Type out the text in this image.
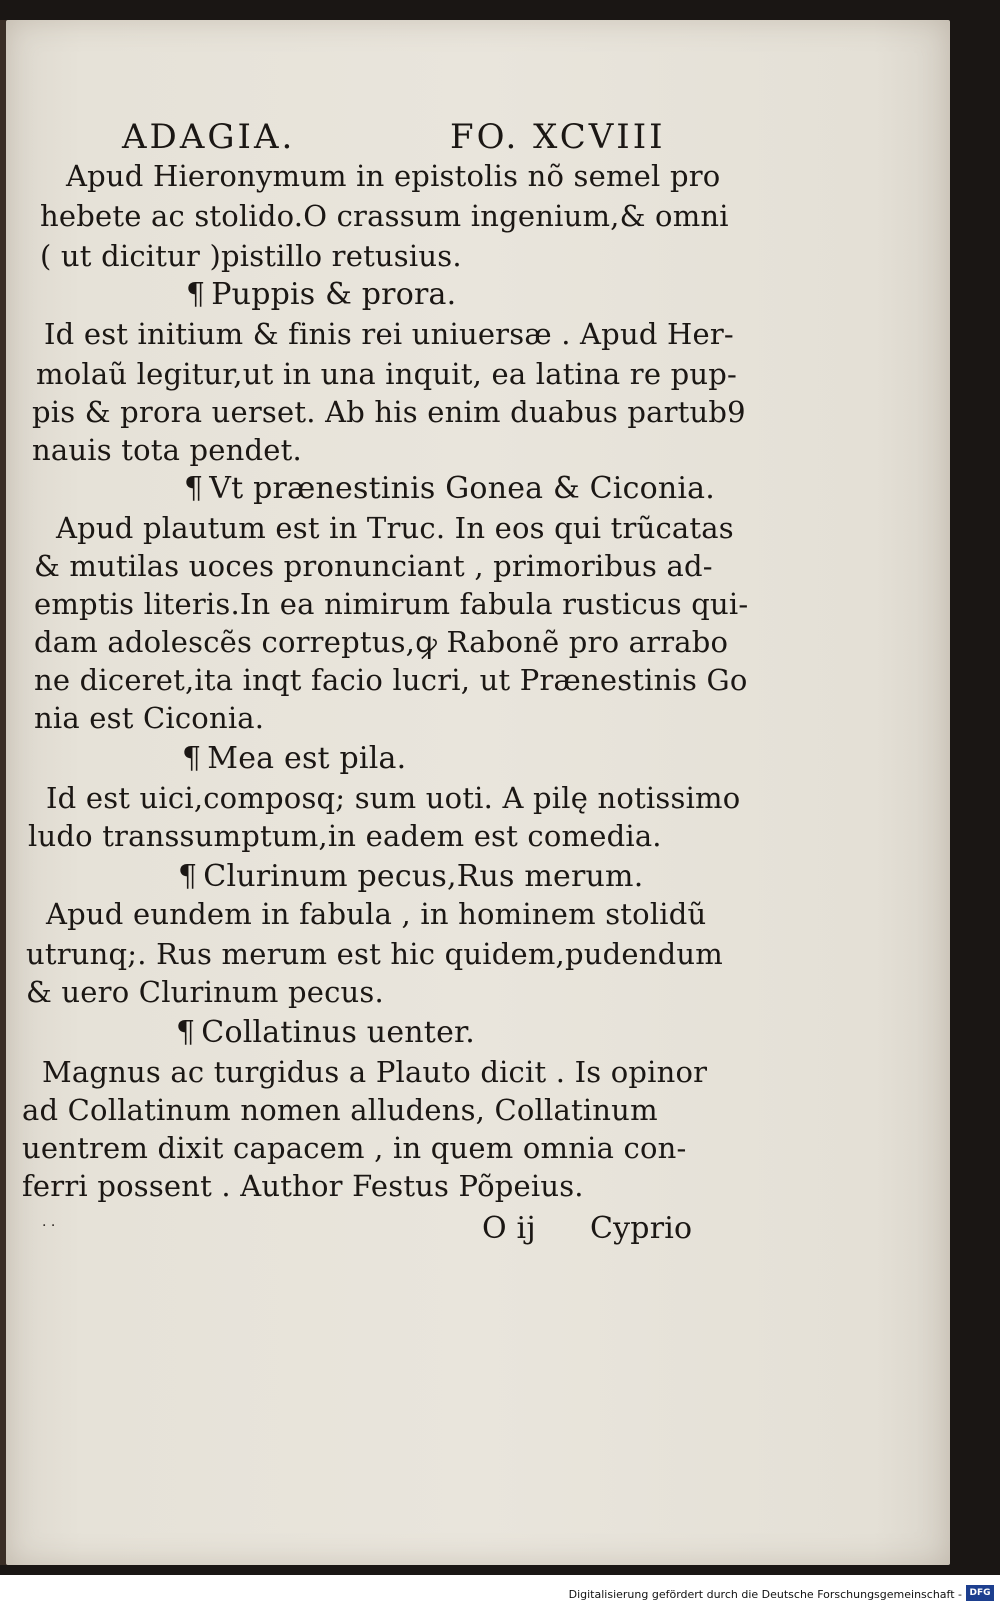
ADAGIA.	FO. XCVIII
Apud Hieronymum in epistolis nõ semel pro
hebete ac stolido.O crassum ingenium,& omni
( ut dicitur )pistillo retusius.
¶ Puppis & prora.
Id est initium & finis rei uniuersæ . Apud Her-
molaũ legitur,ut in una inquit, ea latina re pup-
pis & prora uerset. Ab his enim duabus partub9
nauis tota pendet.
¶ Vt prænestinis Gonea & Ciconia.
Apud plautum est in Truc. In eos qui trũcatas
& mutilas uoces pronunciant , primoribus ad-
emptis literis.In ea nimirum fabula rusticus qui-
dam adolescẽs correptus,ꝙ Rabonẽ pro arrabo
ne diceret,ita inqt facio lucri, ut Prænestinis Go
nia est Ciconia.
¶ Mea est pila.
Id est uici,composq; sum uoti. A pilę notissimo
ludo transsumptum,in eadem est comedia.
¶ Clurinum pecus,Rus merum.
Apud eundem in fabula , in hominem stolidũ
utrunq;. Rus merum est hic quidem,pudendum
& uero Clurinum pecus.
¶ Collatinus uenter.
Magnus ac turgidus a Plauto dicit . Is opinor
ad Collatinum nomen alludens, Collatinum
uentrem dixit capacem , in quem omnia con-
ferri possent . Author Festus Põpeius.
· ·	O ij Cyprio
Digitalisierung gefördert durch die Deutsche Forschungsgemeinschaft - DFG
